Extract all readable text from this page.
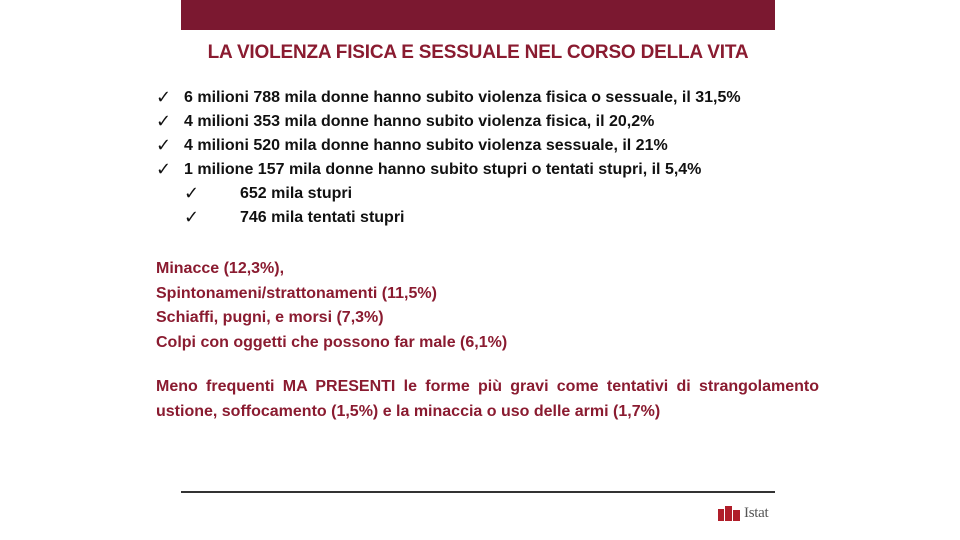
LA VIOLENZA FISICA E SESSUALE NEL CORSO DELLA VITA
✓ 6 milioni 788 mila donne hanno subito violenza fisica o sessuale, il 31,5%
✓ 4 milioni 353 mila donne hanno subito violenza fisica, il 20,2%
✓ 4 milioni 520 mila donne hanno subito violenza sessuale, il 21%
✓ 1 milione 157 mila donne hanno subito stupri o tentati stupri, il 5,4%
✓	652 mila stupri
✓	746 mila tentati stupri
Minacce (12,3%),
Spintonameni/strattonamenti (11,5%)
Schiaffi, pugni, e morsi (7,3%)
Colpi con oggetti che possono far male (6,1%)
Meno frequenti MA PRESENTI le forme più gravi come tentativi di strangolamento ustione, soffocamento (1,5%) e la minaccia o uso delle armi (1,7%)
Istat
